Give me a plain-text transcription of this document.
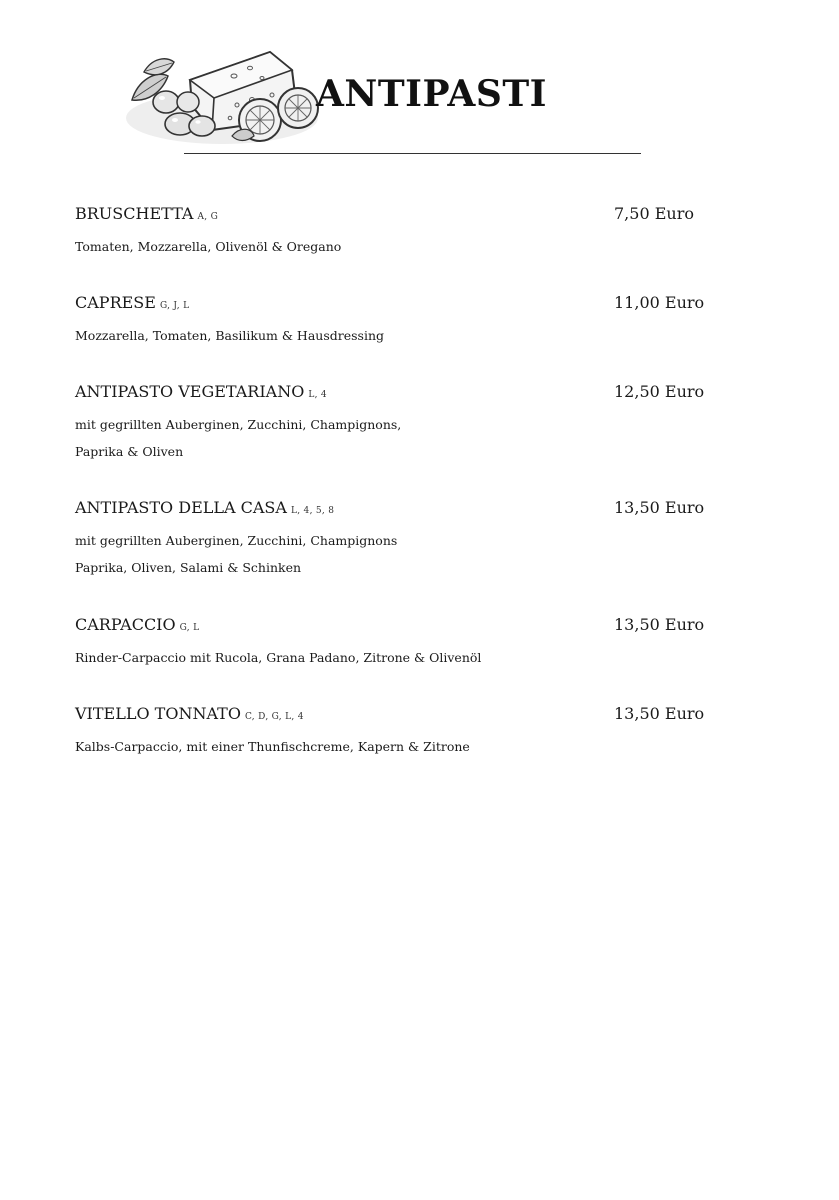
ANTIPASTI
BRUSCHETTA A, G	7,50 Euro
Tomaten, Mozzarella, Olivenöl & Oregano
CAPRESE G, J, L	11,00 Euro
Mozzarella, Tomaten, Basilikum & Hausdressing
ANTIPASTO VEGETARIANO L, 4	12,50 Euro
mit gegrillten Auberginen, Zucchini, Champignons,
Paprika & Oliven
ANTIPASTO DELLA CASA L, 4, 5, 8	13,50 Euro
mit gegrillten Auberginen, Zucchini, Champignons
Paprika, Oliven, Salami & Schinken
CARPACCIO G, L	13,50 Euro
Rinder-Carpaccio mit Rucola, Grana Padano, Zitrone & Olivenöl
VITELLO TONNATO C, D, G, L, 4	13,50 Euro
Kalbs-Carpaccio, mit einer Thunfischcreme, Kapern & Zitrone
